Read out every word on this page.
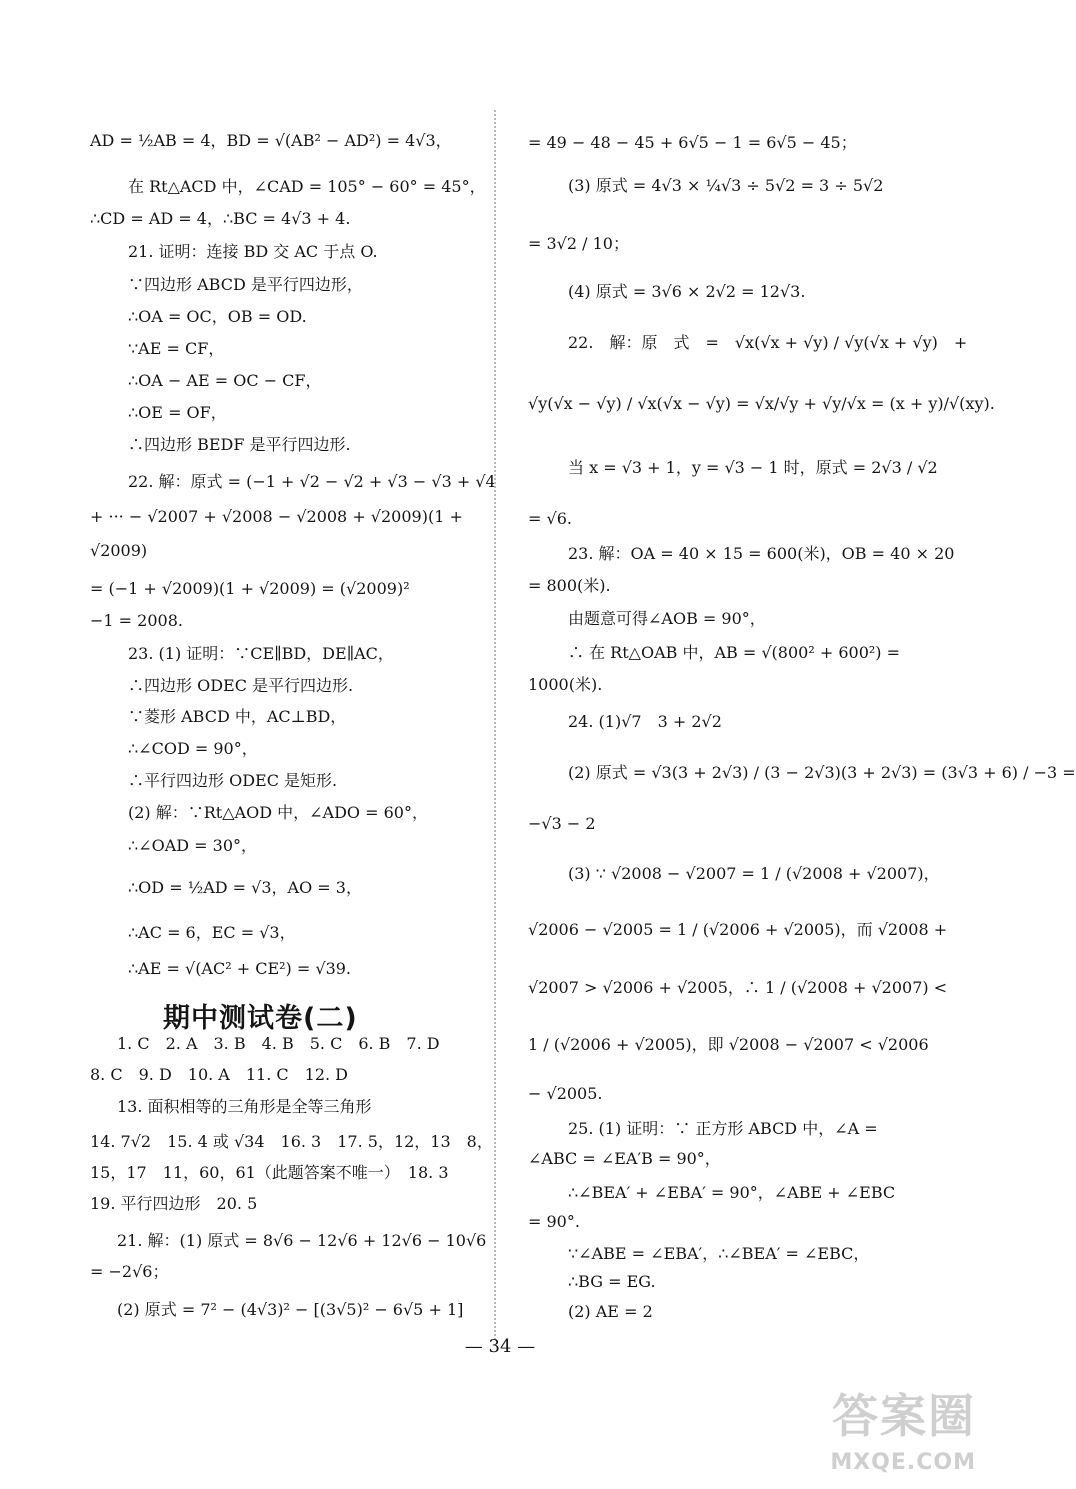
AD = ½AB = 4，BD = √(AB² − AD²) = 4√3，
在 Rt△ACD 中，∠CAD = 105° − 60° = 45°，
∴CD = AD = 4，∴BC = 4√3 + 4.
21. 证明：连接 BD 交 AC 于点 O.
∵四边形 ABCD 是平行四边形，
∴OA = OC，OB = OD.
∵AE = CF，
∴OA − AE = OC − CF，
∴OE = OF，
∴四边形 BEDF 是平行四边形.
22. 解：原式 = (−1 + √2 − √2 + √3 − √3 + √4
+ ··· − √2007 + √2008 − √2008 + √2009)(1 +
√2009)
= (−1 + √2009)(1 + √2009) = (√2009)²
−1 = 2008.
23. (1) 证明：∵CE∥BD，DE∥AC，
∴四边形 ODEC 是平行四边形.
∵菱形 ABCD 中，AC⊥BD，
∴∠COD = 90°，
∴平行四边形 ODEC 是矩形.
(2) 解：∵Rt△AOD 中，∠ADO = 60°，
∴∠OAD = 30°，
∴OD = ½AD = √3，AO = 3，
∴AC = 6，EC = √3，
∴AE = √(AC² + CE²) = √39.
期中测试卷(二)
1. C　2. A　3. B　4. B　5. C　6. B　7. D
8. C　9. D　10. A　11. C　12. D
13. 面积相等的三角形是全等三角形
14. 7√2　15. 4 或 √34　16. 3　17. 5，12，13　8，
15，17　11，60，61（此题答案不唯一）　18. 3
19. 平行四边形　20. 5
21. 解：(1) 原式 = 8√6 − 12√6 + 12√6 − 10√6
= −2√6；
(2) 原式 = 7² − (4√3)² − [(3√5)² − 6√5 + 1]
= 49 − 48 − 45 + 6√5 − 1 = 6√5 − 45；
(3) 原式 = 4√3 × ¼√3 ÷ 5√2 = 3 ÷ 5√2
= 3√2 / 10；
(4) 原式 = 3√6 × 2√2 = 12√3.
22.　解：原　式　=　√x(√x + √y) / √y(√x + √y)　+
√y(√x − √y) / √x(√x − √y) = √x/√y + √y/√x = (x + y)/√(xy).
当 x = √3 + 1，y = √3 − 1 时，原式 = 2√3 / √2
= √6.
23. 解：OA = 40 × 15 = 600(米)，OB = 40 × 20
= 800(米).
由题意可得∠AOB = 90°，
∴ 在 Rt△OAB 中，AB = √(800² + 600²) =
1000(米).
24. (1)√7　3 + 2√2
(2) 原式 = √3(3 + 2√3) / (3 − 2√3)(3 + 2√3) = (3√3 + 6) / −3 =
−√3 − 2
(3) ∵ √2008 − √2007 = 1 / (√2008 + √2007)，
√2006 − √2005 = 1 / (√2006 + √2005)，而 √2008 +
√2007 > √2006 + √2005，∴ 1 / (√2008 + √2007) <
1 / (√2006 + √2005)，即 √2008 − √2007 < √2006
− √2005.
25. (1) 证明：∵ 正方形 ABCD 中，∠A =
∠ABC = ∠EA′B = 90°，
∴∠BEA′ + ∠EBA′ = 90°，∠ABE + ∠EBC
= 90°.
∵∠ABE = ∠EBA′，∴∠BEA′ = ∠EBC，
∴BG = EG.
(2) AE = 2
— 34 —
答案圈
MXQE.COM
